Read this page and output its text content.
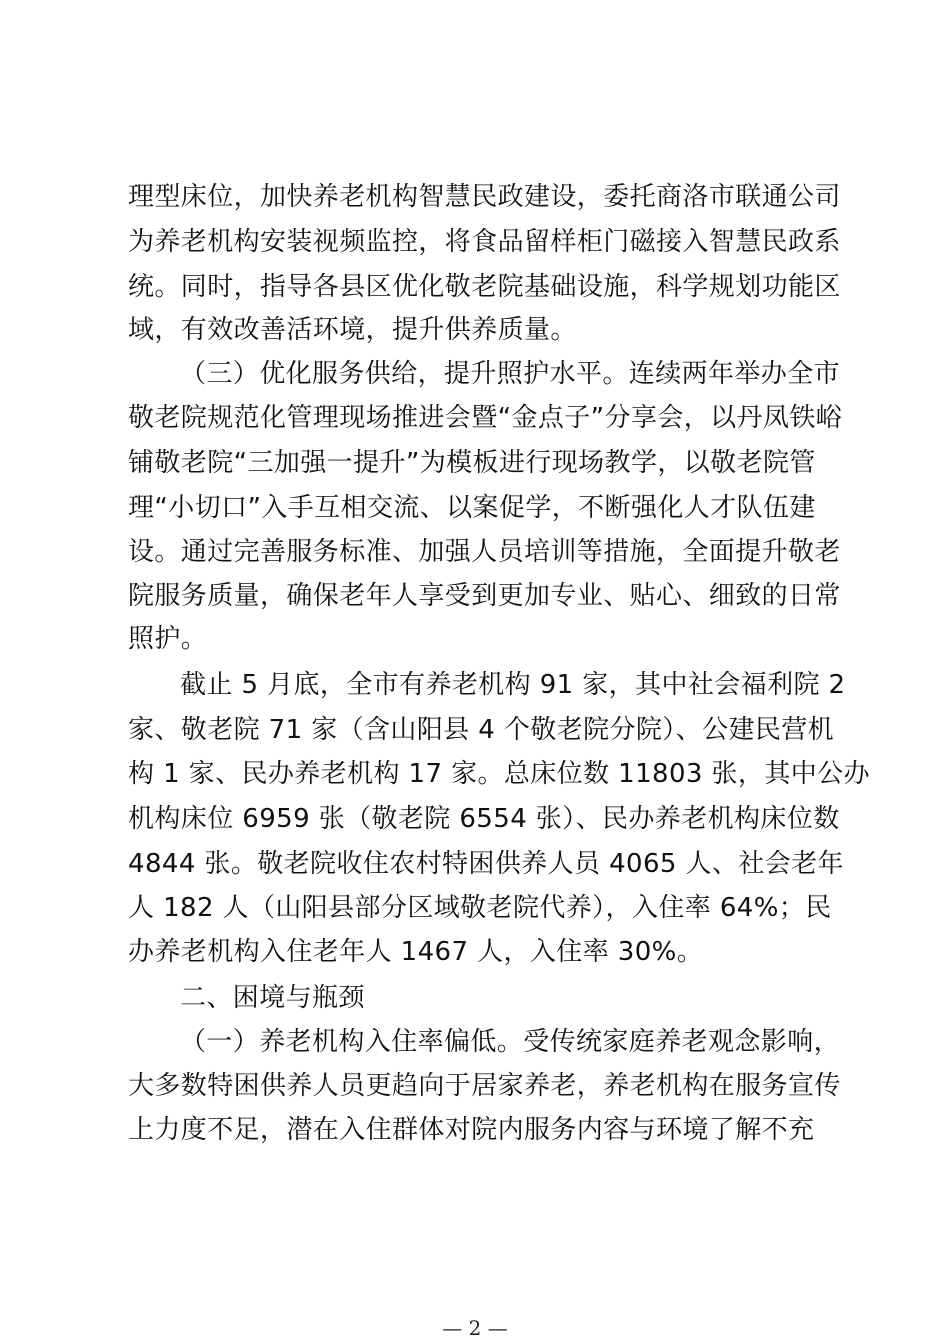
理型床位，加快养老机构智慧民政建设，委托商洛市联通公司
为养老机构安装视频监控，将食品留样柜门磁接入智慧民政系
统。同时，指导各县区优化敬老院基础设施，科学规划功能区
域，有效改善活环境，提升供养质量。
（三）优化服务供给，提升照护水平。连续两年举办全市
敬老院规范化管理现场推进会暨“金点子”分享会，以丹凤铁峪
铺敬老院“三加强一提升”为模板进行现场教学，以敬老院管
理“小切口”入手互相交流、以案促学，不断强化人才队伍建
设。通过完善服务标准、加强人员培训等措施，全面提升敬老
院服务质量，确保老年人享受到更加专业、贴心、细致的日常
照护。
截止 5 月底，全市有养老机构 91 家，其中社会福利院 2
家、敬老院 71 家（含山阳县 4 个敬老院分院）、公建民营机
构 1 家、民办养老机构 17 家。总床位数 11803 张，其中公办
机构床位 6959 张（敬老院 6554 张）、民办养老机构床位数
4844 张。敬老院收住农村特困供养人员 4065 人、社会老年
人 182 人（山阳县部分区域敬老院代养），入住率 64%；民
办养老机构入住老年人 1467 人，入住率 30%。
二、困境与瓶颈
（一）养老机构入住率偏低。受传统家庭养老观念影响，
大多数特困供养人员更趋向于居家养老，养老机构在服务宣传
上力度不足，潜在入住群体对院内服务内容与环境了解不充
— 2 —
